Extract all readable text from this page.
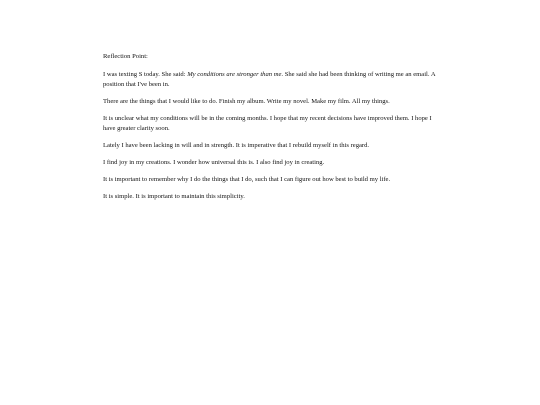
Reflection Point:

I was texting S today. She said: My conditions are stronger than me. She said she had been thinking of writing me an email. A position that I've been in.

There are the things that I would like to do. Finish my album. Write my novel. Make my film. All my things.

It is unclear what my conditions will be in the coming months. I hope that my recent decisions have improved them. I hope I have greater clarity soon.

Lately I have been lacking in will and in strength. It is imperative that I rebuild myself in this regard.

I find joy in my creations. I wonder how universal this is. I also find joy in creating.

It is important to remember why I do the things that I do, such that I can figure out how best to build my life.

It is simple. It is important to maintain this simplicity.
